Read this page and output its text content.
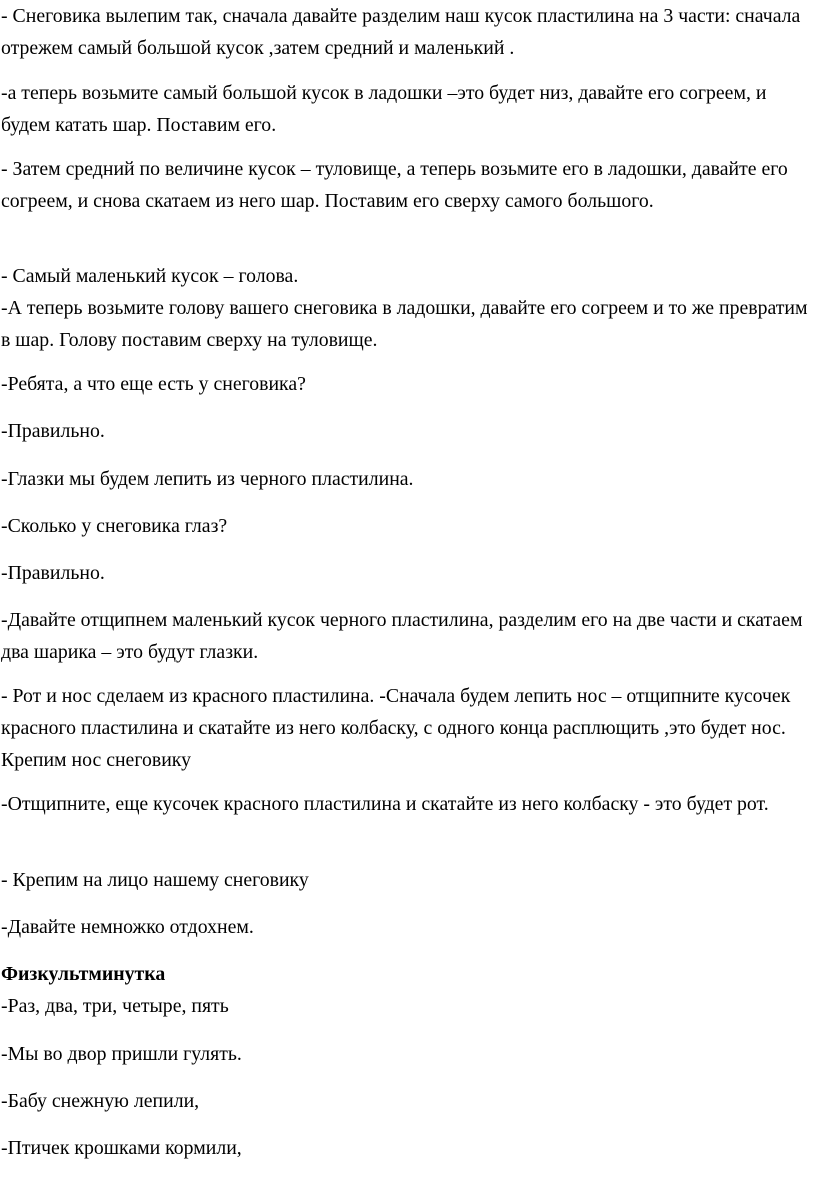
- Снеговика вылепим так, сначала давайте разделим наш кусок пластилина на 3 части: сначала отрежем самый большой кусок ,затем средний и маленький .

-а теперь возьмите самый большой кусок в ладошки –это будет низ, давайте его согреем, и будем катать шар. Поставим его.

- Затем средний по величине кусок – туловище, а теперь возьмите его в ладошки, давайте его согреем, и снова скатаем из него шар. Поставим его сверху самого большого.

- Самый маленький кусок – голова.

-А теперь возьмите голову вашего снеговика в ладошки, давайте его согреем и то же превратим в шар. Голову поставим сверху на туловище.

-Ребята, а что еще есть у снеговика?

-Правильно.

-Глазки мы будем лепить из черного пластилина.

-Сколько у снеговика глаз?

-Правильно.

-Давайте отщипнем маленький кусок черного пластилина, разделим его на две части и скатаем два шарика – это будут глазки.

- Рот и нос сделаем из красного пластилина. -Сначала будем лепить нос – отщипните кусочек красного пластилина и скатайте из него колбаску, с одного конца расплющить ,это будет нос. Крепим нос снеговику

-Отщипните, еще кусочек красного пластилина и скатайте из него колбаску - это будет рот.

- Крепим на лицо нашему снеговику

-Давайте немножко отдохнем.

Физкультминутка

-Раз, два, три, четыре, пять

-Мы во двор пришли гулять.

-Бабу снежную лепили,

-Птичек крошками кормили,
